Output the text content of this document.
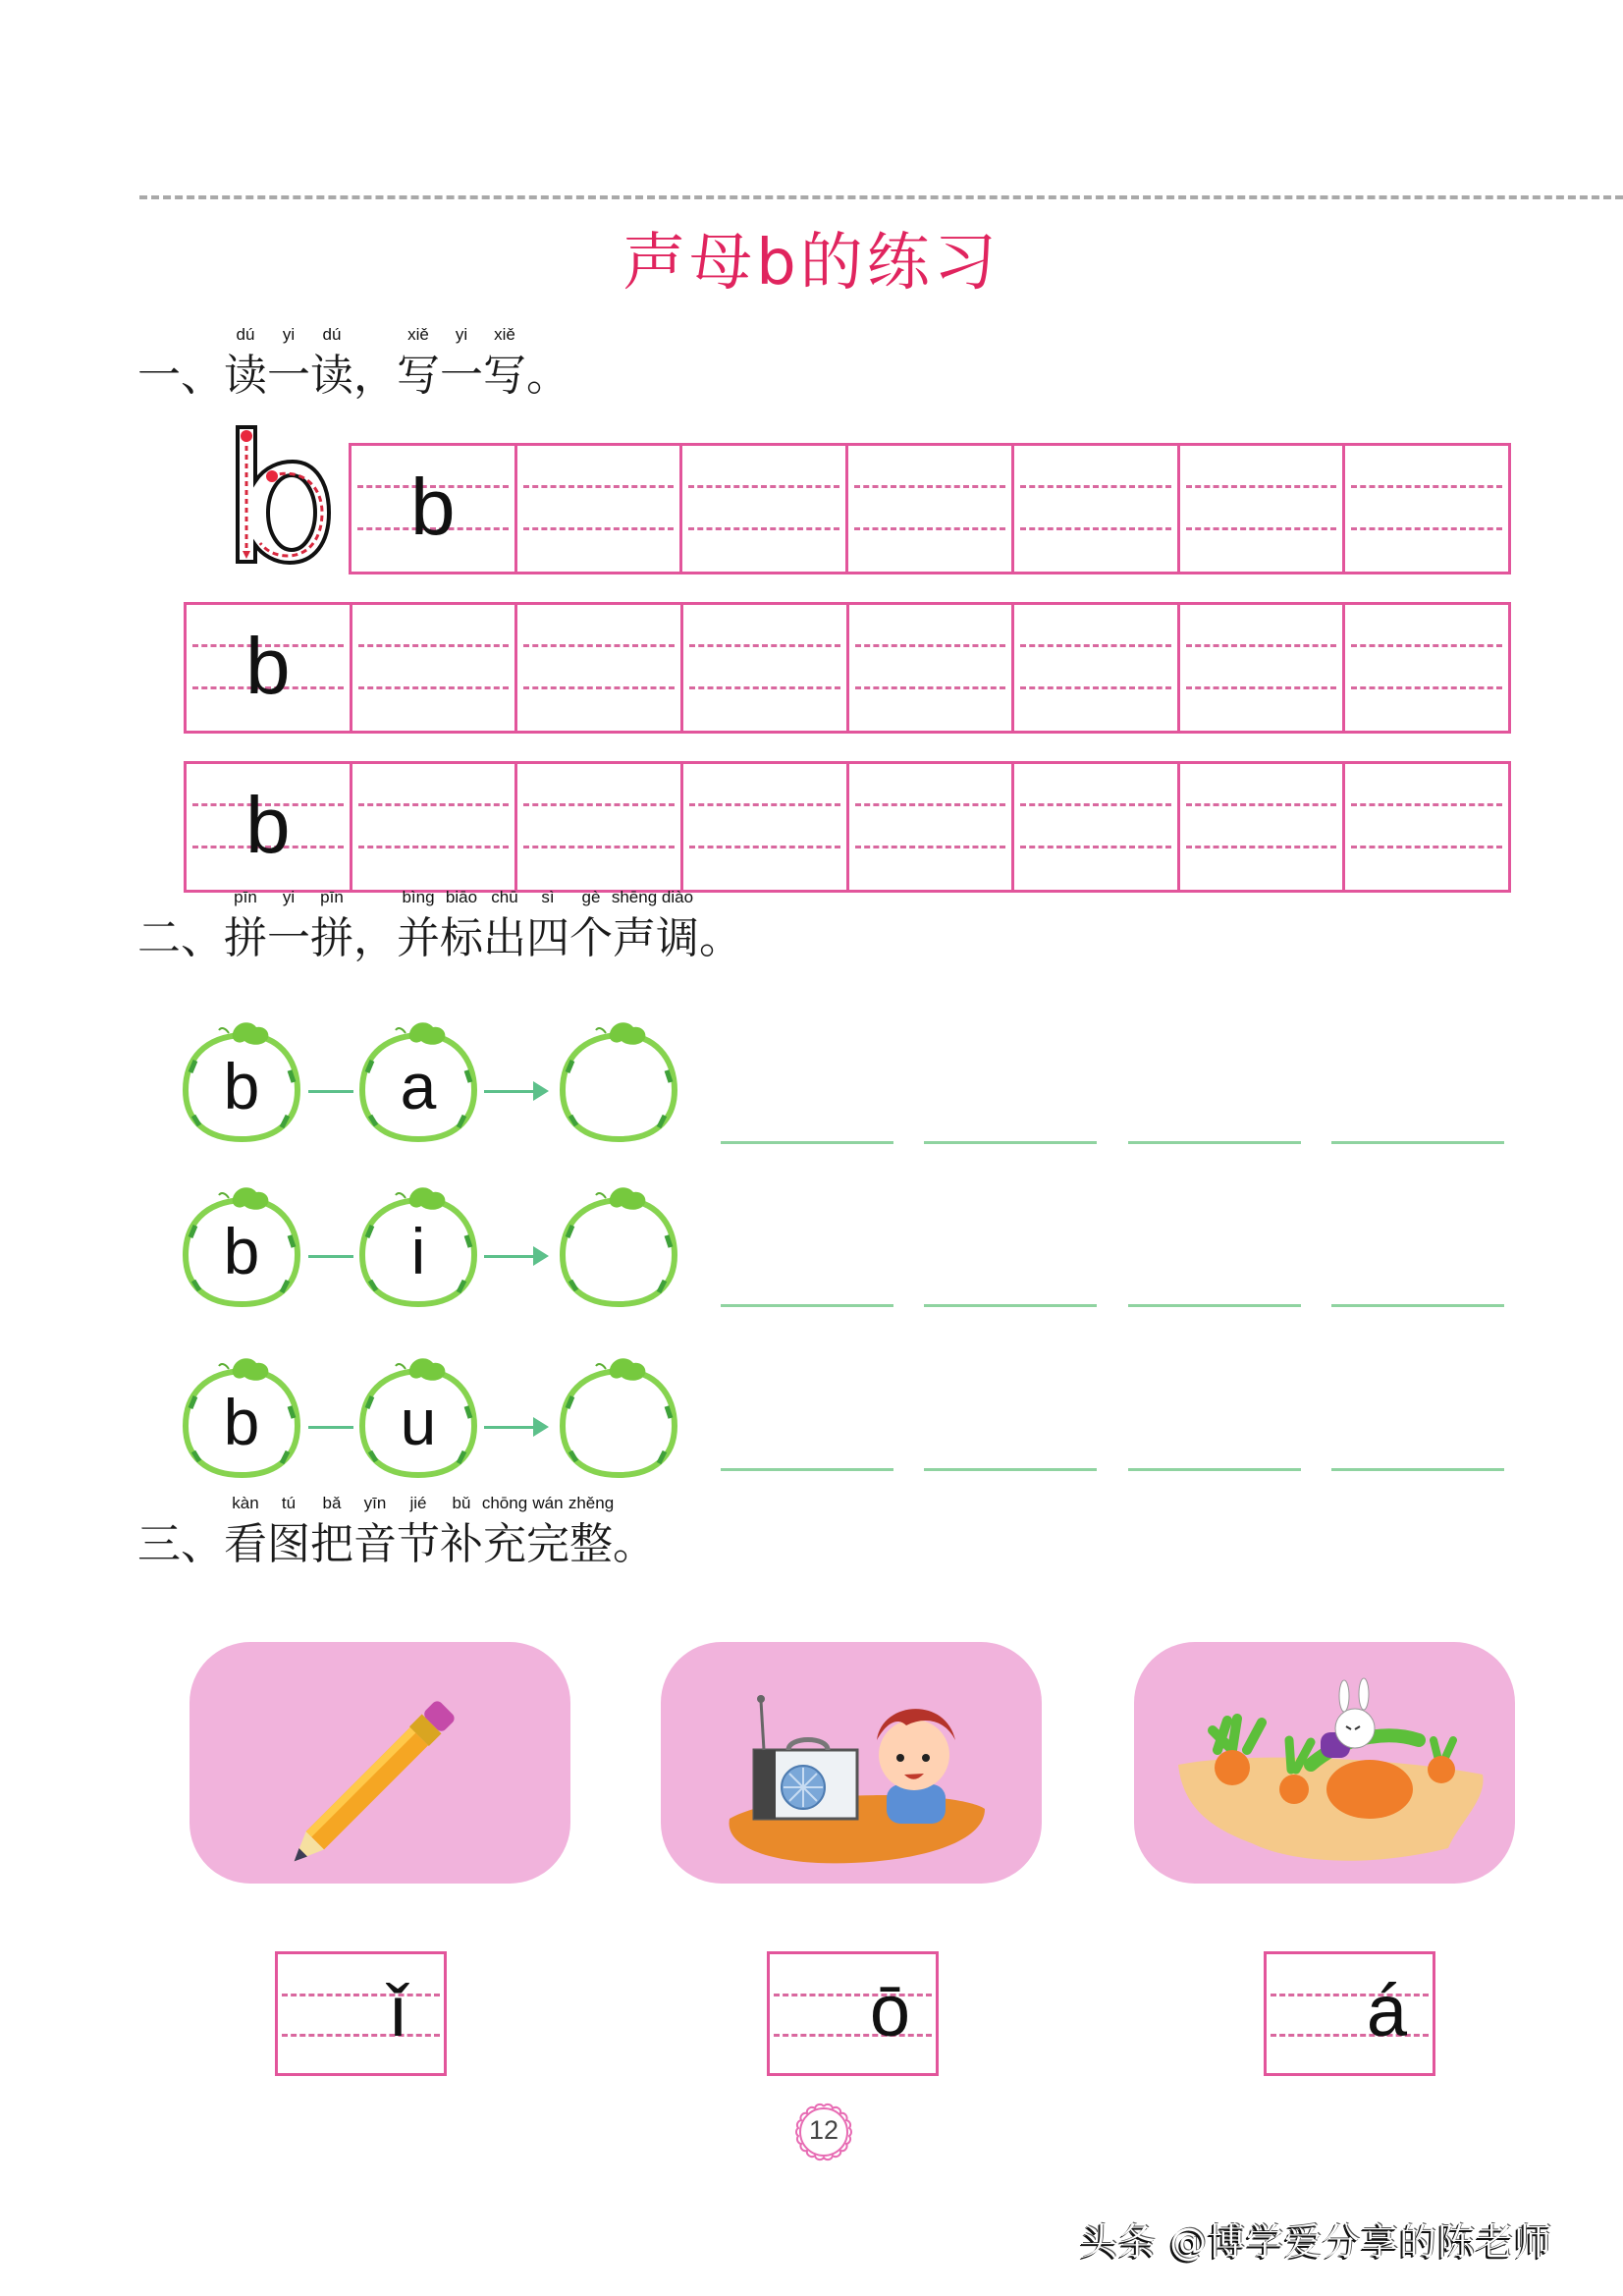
声母b的练习
一、
dú
读
yi
一
dú
读
，
xiě
写
yi
一
xiě
写
。
b
b
b
二、
pīn
拼
yi
一
pīn
拼
，
bìng
并
biāo
标
chū
出
sì
四
gè
个
shēng
声
diào
调
。
b	a
b	i
b	u
三、
kàn
看
tú
图
bǎ
把
yīn
音
jié
节
bǔ
补
chōng
充
wán
完
zhěng
整
。
ǐ	ō	á
12
头条 @博学爱分享的陈老师
